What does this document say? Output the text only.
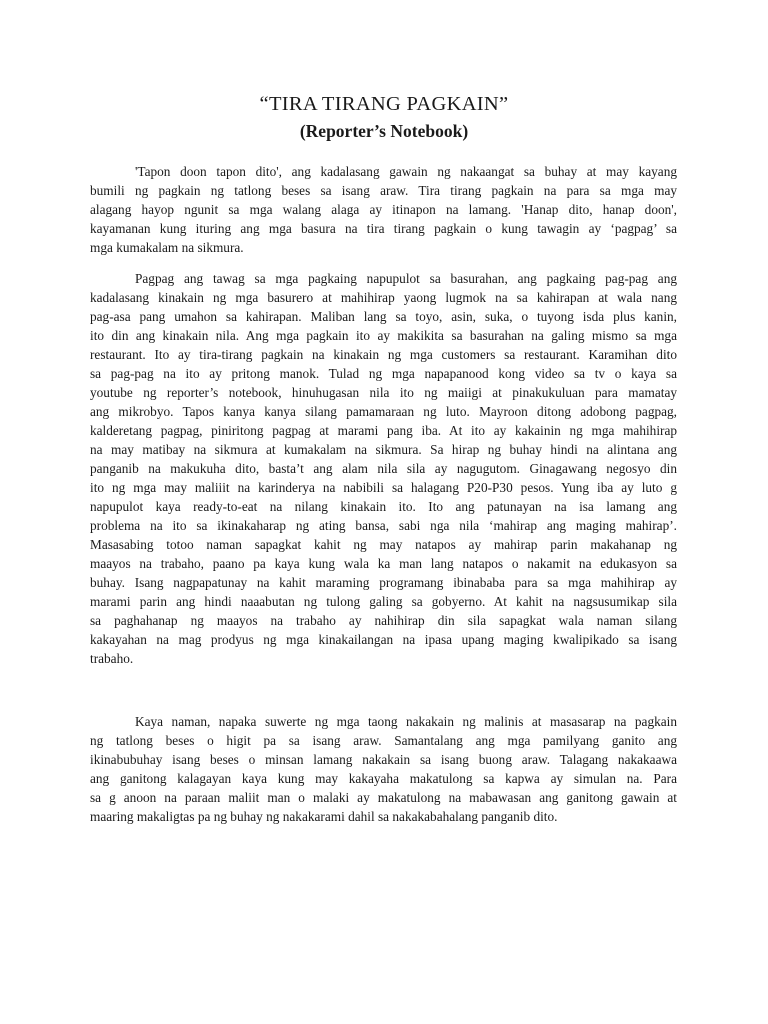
“TIRA TIRANG PAGKAIN”
(Reporter’s Notebook)
'Tapon doon tapon dito', ang kadalasang gawain ng nakaangat sa buhay at may kayang
bumili ng pagkain ng tatlong beses sa isang araw. Tira tirang pagkain na para sa mga may
alagang hayop ngunit sa mga walang alaga ay itinapon na lamang. 'Hanap dito, hanap doon',
kayamanan kung ituring ang mga basura na tira tirang pagkain o kung tawagin ay ‘pagpag’ sa
mga kumakalam na sikmura.
Pagpag ang tawag sa mga pagkaing napupulot sa basurahan, ang pagkaing pag-pag ang
kadalasang kinakain ng mga basurero at mahihirap yaong lugmok na sa kahirapan at wala nang
pag-asa pang umahon sa kahirapan. Maliban lang sa toyo, asin, suka, o tuyong isda plus kanin,
ito din ang kinakain nila. Ang mga pagkain ito ay makikita sa basurahan na galing mismo sa mga
restaurant. Ito ay tira-tirang pagkain na kinakain ng mga customers sa restaurant. Karamihan dito
sa pag-pag na ito ay pritong manok. Tulad ng mga napapanood kong video sa tv o kaya sa
youtube ng reporter’s notebook, hinuhugasan nila ito ng maiigi at pinakukuluan para mamatay
ang mikrobyo. Tapos kanya kanya silang pamamaraan ng luto. Mayroon ditong adobong pagpag,
kalderetang pagpag, piniritong pagpag at marami pang iba. At ito ay kakainin ng mga mahihirap
na may matibay na sikmura at kumakalam na sikmura. Sa hirap ng buhay hindi na alintana ang
panganib na makukuha dito, basta’t ang alam nila sila ay nagugutom. Ginagawang negosyo din
ito ng mga may maliiit na karinderya na nabibili sa halagang P20-P30 pesos. Yung iba ay luto g
napupulot kaya ready-to-eat na nilang kinakain ito. Ito ang patunayan na isa lamang ang
problema na ito sa ikinakaharap ng ating bansa, sabi nga nila ‘mahirap ang maging mahirap’.
Masasabing totoo naman sapagkat kahit ng may natapos ay mahirap parin makahanap ng
maayos na trabaho, paano pa kaya kung wala ka man lang natapos o nakamit na edukasyon sa
buhay. Isang nagpapatunay na kahit maraming programang ibinababa para sa mga mahihirap ay
marami parin ang hindi naaabutan ng tulong galing sa gobyerno. At kahit na nagsusumikap sila
sa paghahanap ng maayos na trabaho ay nahihirap din sila sapagkat wala naman silang
kakayahan na mag prodyus ng mga kinakailangan na ipasa upang maging kwalipikado sa isang
trabaho.
Kaya naman, napaka suwerte ng mga taong nakakain ng malinis at masasarap na pagkain
ng tatlong beses o higit pa sa isang araw. Samantalang ang mga pamilyang ganito ang
ikinabubuhay isang beses o minsan lamang nakakain sa isang buong araw. Talagang nakakaawa
ang ganitong kalagayan kaya kung may kakayaha makatulong sa kapwa ay simulan na. Para
sa g anoon na paraan maliit man o malaki ay makatulong na mabawasan ang ganitong gawain at
maaring makaligtas pa ng buhay ng nakakarami dahil sa nakakabahalang panganib dito.
